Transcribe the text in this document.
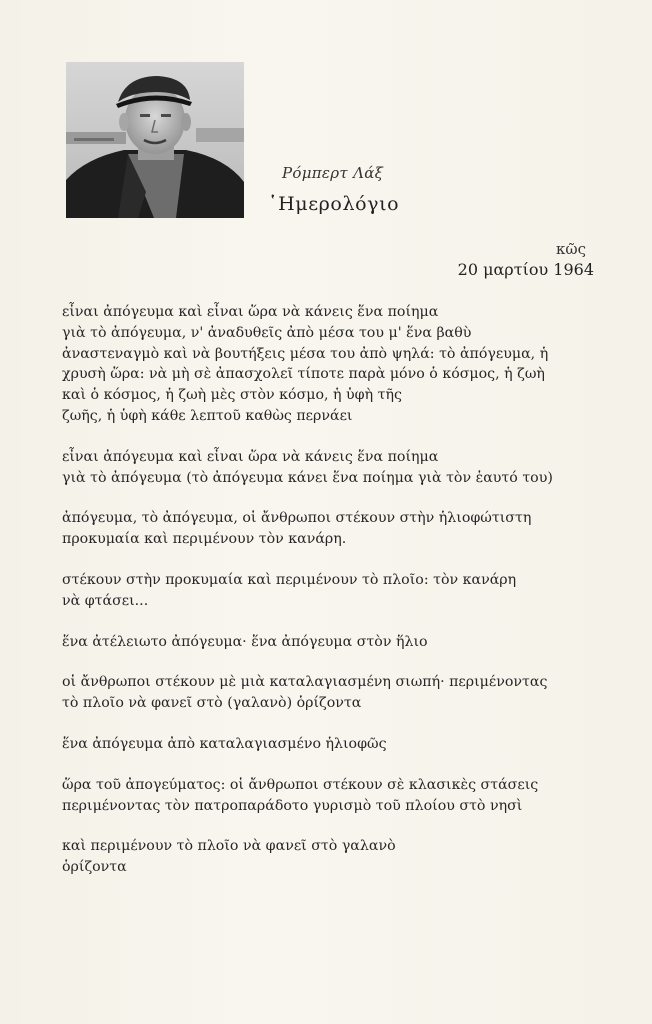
Ρόμπερτ Λάξ
῾Ημερολόγιο
κῶς
20 μαρτίου 1964
εἶναι ἀπόγευμα καὶ εἶναι ὥρα νὰ κάνεις ἕνα ποίημα
γιὰ τὸ ἀπόγευμα, ν' ἀναδυθεῖς ἀπὸ μέσα του μ' ἕνα βαθὺ
ἀναστεναγμὸ καὶ νὰ βουτήξεις μέσα του ἀπὸ ψηλά: τὸ ἀπόγευμα, ἡ
χρυσὴ ὥρα: νὰ μὴ σὲ ἀπασχολεῖ τίποτε παρὰ μόνο ὁ κόσμος, ἡ ζωὴ
καὶ ὁ κόσμος, ἡ ζωὴ μὲς στὸν κόσμο, ἡ ὑφὴ τῆς
ζωῆς, ἡ ὑφὴ κάθε λεπτοῦ καθὼς περνάει
εἶναι ἀπόγευμα καὶ εἶναι ὥρα νὰ κάνεις ἕνα ποίημα
γιὰ τὸ ἀπόγευμα (τὸ ἀπόγευμα κάνει ἕνα ποίημα γιὰ τὸν ἑαυτό του)
ἀπόγευμα, τὸ ἀπόγευμα, οἱ ἄνθρωποι στέκουν στὴν ἡλιοφώτιστη
προκυμαία καὶ περιμένουν τὸν κανάρη.
στέκουν στὴν προκυμαία καὶ περιμένουν τὸ πλοῖο: τὸν κανάρη
νὰ φτάσει...
ἕνα ἀτέλειωτο ἀπόγευμα· ἕνα ἀπόγευμα στὸν ἥλιο
οἱ ἄνθρωποι στέκουν μὲ μιὰ καταλαγιασμένη σιωπή· περιμένοντας
τὸ πλοῖο νὰ φανεῖ στὸ (γαλανὸ) ὁρίζοντα
ἕνα ἀπόγευμα ἀπὸ καταλαγιασμένο ἡλιοφῶς
ὥρα τοῦ ἀπογεύματος: οἱ ἄνθρωποι στέκουν σὲ κλασικὲς στάσεις
περιμένοντας τὸν πατροπαράδοτο γυρισμὸ τοῦ πλοίου στὸ νησὶ
καὶ περιμένουν τὸ πλοῖο νὰ φανεῖ στὸ γαλανὸ
ὁρίζοντα
